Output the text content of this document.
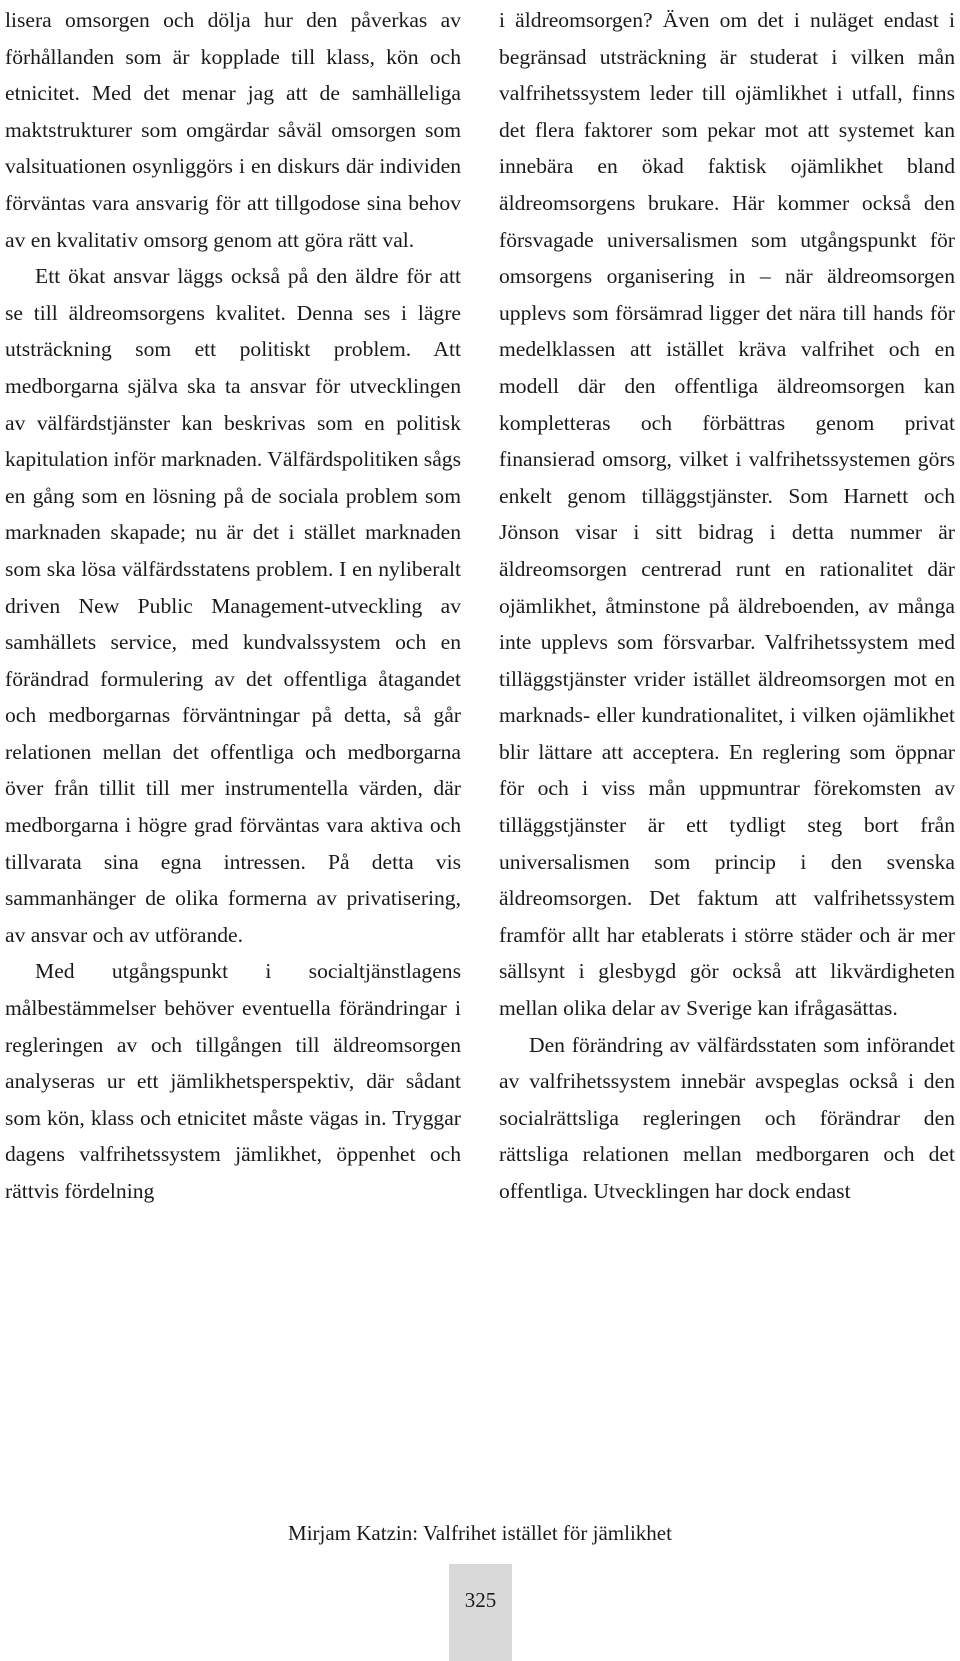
lisera omsorgen och dölja hur den påverkas av förhållanden som är kopplade till klass, kön och etnicitet. Med det menar jag att de samhälleliga maktstrukturer som omgärdar såväl omsorgen som valsituationen osynliggörs i en diskurs där individen förväntas vara ansvarig för att tillgodose sina behov av en kvalitativ omsorg genom att göra rätt val.

Ett ökat ansvar läggs också på den äldre för att se till äldreomsorgens kvalitet. Denna ses i lägre utsträckning som ett politiskt problem. Att medborgarna själva ska ta ansvar för utvecklingen av välfärdstjänster kan beskrivas som en politisk kapitulation inför marknaden. Välfärdspolitiken sågs en gång som en lösning på de sociala problem som marknaden skapade; nu är det i stället marknaden som ska lösa välfärdsstatens problem. I en nyliberalt driven New Public Management-utveckling av samhällets service, med kundvalssystem och en förändrad formulering av det offentliga åtagandet och medborgarnas förväntningar på detta, så går relationen mellan det offentliga och medborgarna över från tillit till mer instrumentella värden, där medborgarna i högre grad förväntas vara aktiva och tillvarata sina egna intressen. På detta vis sammanhänger de olika formerna av privatisering, av ansvar och av utförande.

Med utgångspunkt i socialtjänstlagens målbestämmelser behöver eventuella förändringar i regleringen av och tillgången till äldreomsorgen analyseras ur ett jämlikhetsperspektiv, där sådant som kön, klass och etnicitet måste vägas in. Tryggar dagens valfrihetssystem jämlikhet, öppenhet och rättvis fördelning

i äldreomsorgen? Även om det i nuläget endast i begränsad utsträckning är studerat i vilken mån valfrihetssystem leder till ojämlikhet i utfall, finns det flera faktorer som pekar mot att systemet kan innebära en ökad faktisk ojämlikhet bland äldreomsorgens brukare. Här kommer också den försvagade universalismen som utgångspunkt för omsorgens organisering in – när äldreomsorgen upplevs som försämrad ligger det nära till hands för medelklassen att istället kräva valfrihet och en modell där den offentliga äldreomsorgen kan kompletteras och förbättras genom privat finansierad omsorg, vilket i valfrihetssystemen görs enkelt genom tilläggstjänster. Som Harnett och Jönson visar i sitt bidrag i detta nummer är äldreomsorgen centrerad runt en rationalitet där ojämlikhet, åtminstone på äldreboenden, av många inte upplevs som försvarbar. Valfrihetssystem med tilläggstjänster vrider istället äldreomsorgen mot en marknads- eller kundrationalitet, i vilken ojämlikhet blir lättare att acceptera. En reglering som öppnar för och i viss mån uppmuntrar förekomsten av tilläggstjänster är ett tydligt steg bort från universalismen som princip i den svenska äldreomsorgen. Det faktum att valfrihetssystem framför allt har etablerats i större städer och är mer sällsynt i glesbygd gör också att likvärdigheten mellan olika delar av Sverige kan ifrågasättas.

Den förändring av välfärdsstaten som införandet av valfrihetssystem innebär avspeglas också i den socialrättsliga regleringen och förändrar den rättsliga relationen mellan medborgaren och det offentliga. Utvecklingen har dock endast

Mirjam Katzin: Valfrihet istället för jämlikhet
325
